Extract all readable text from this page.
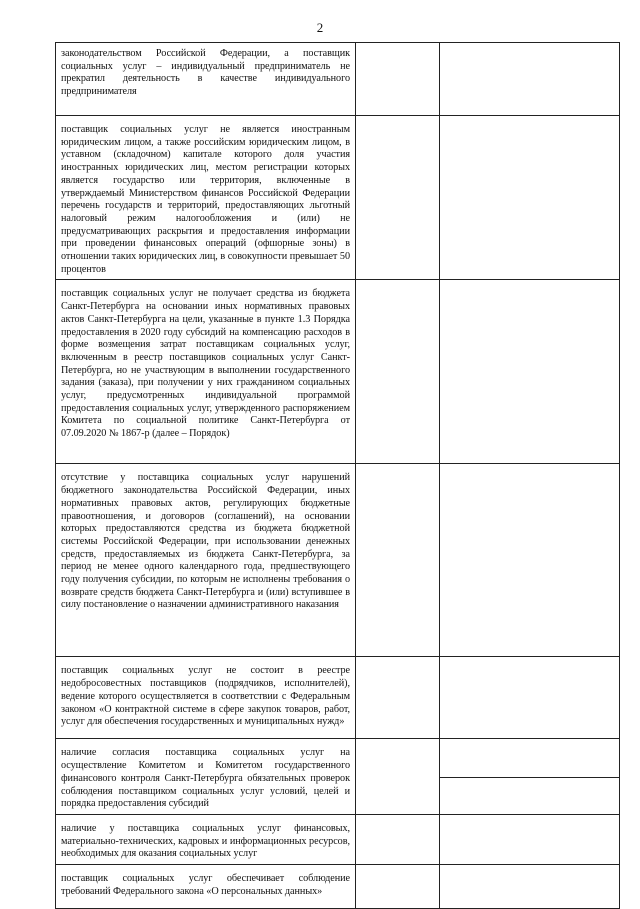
2
законодательством Российской Федерации, а поставщик социальных услуг – индивидуальный предприниматель не прекратил деятельность в качестве индивидуального предпринимателя

поставщик социальных услуг не является иностранным юридическим лицом, а также российским юридическим лицом, в уставном (складочном) капитале которого доля участия иностранных юридических лиц, местом регистрации которых является государство или территория, включенные в утверждаемый Министерством финансов Российской Федерации перечень государств и территорий, предоставляющих льготный налоговый режим налогообложения и (или) не предусматривающих раскрытия и предоставления информации при проведении финансовых операций (офшорные зоны) в отношении таких юридических лиц, в совокупности превышает 50 процентов

поставщик социальных услуг не получает средства из бюджета Санкт-Петербурга на основании иных нормативных правовых актов Санкт-Петербурга на цели, указанные в пункте 1.3 Порядка предоставления в 2020 году субсидий на компенсацию расходов в форме возмещения затрат поставщикам социальных услуг, включенным в реестр поставщиков социальных услуг Санкт-Петербурга, но не участвующим в выполнении государственного задания (заказа), при получении у них гражданином социальных услуг, предусмотренных индивидуальной программой предоставления социальных услуг, утвержденного распоряжением Комитета по социальной политике Санкт-Петербурга от 07.09.2020 № 1867-р (далее – Порядок)

отсутствие у поставщика социальных услуг нарушений бюджетного законодательства Российской Федерации, иных нормативных правовых актов, регулирующих бюджетные правоотношения, и договоров (соглашений), на основании которых предоставляются средства из бюджета бюджетной системы Российской Федерации, при использовании денежных средств, предоставляемых из бюджета Санкт-Петербурга, за период не менее одного календарного года, предшествующего году получения субсидии, по которым не исполнены требования о возврате средств бюджета Санкт-Петербурга и (или) вступившее в силу постановление о назначении административного наказания

поставщик социальных услуг не состоит в реестре недобросовестных поставщиков (подрядчиков, исполнителей), ведение которого осуществляется в соответствии с Федеральным законом «О контрактной системе в сфере закупок товаров, работ, услуг для обеспечения государственных и муниципальных нужд»

наличие согласия поставщика социальных услуг на осуществление Комитетом и Комитетом государственного финансового контроля Санкт-Петербурга обязательных проверок соблюдения поставщиком социальных услуг условий, целей и порядка предоставления субсидий

наличие у поставщика социальных услуг финансовых, материально-технических, кадровых и информационных ресурсов, необходимых для оказания социальных услуг

поставщик социальных услуг обеспечивает соблюдение требований Федерального закона «О персональных данных»
